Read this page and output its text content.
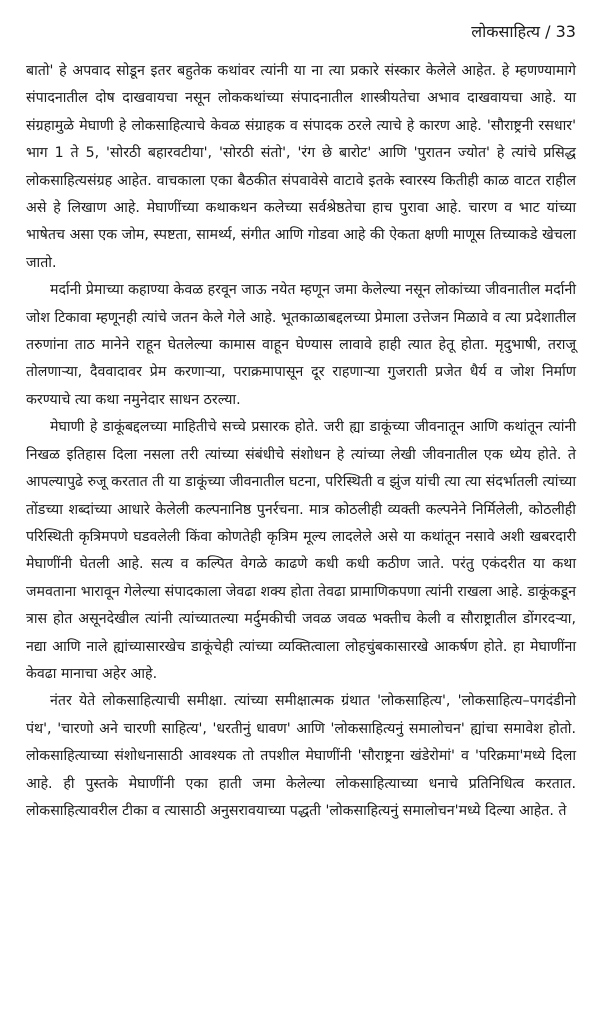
लोकसाहित्य / 33

बातो' हे अपवाद सोडून इतर बहुतेक कथांवर त्यांनी या ना त्या प्रकारे संस्कार केलेले आहेत. हे म्हणण्यामागे संपादनातील दोष दाखवायचा नसून लोककथांच्या संपादनातील शास्त्रीयतेचा अभाव दाखवायचा आहे. या संग्रहामुळे मेघाणी हे लोकसाहित्याचे केवळ संग्राहक व संपादक ठरले त्याचे हे कारण आहे. 'सौराष्ट्रनी रसधार' भाग 1 ते 5, 'सोरठी बहारवटीया', 'सोरठी संतो', 'रंग छे बारोट' आणि 'पुरातन ज्योत' हे त्यांचे प्रसिद्ध लोकसाहित्यसंग्रह आहेत. वाचकाला एका बैठकीत संपवावेसे वाटावे इतके स्वारस्य कितीही काळ वाटत राहील असे हे लिखाण आहे. मेघाणींच्या कथाकथन कलेच्या सर्वश्रेष्ठतेचा हाच पुरावा आहे. चारण व भाट यांच्या भाषेतच असा एक जोम, स्पष्टता, सामर्थ्य, संगीत आणि गोडवा आहे की ऐकता क्षणी माणूस तिच्याकडे खेचला जातो.

मर्दानी प्रेमाच्या कहाण्या केवळ हरवून जाऊ नयेत म्हणून जमा केलेल्या नसून लोकांच्या जीवनातील मर्दानी जोश टिकावा म्हणूनही त्यांचे जतन केले गेले आहे. भूतकाळाबद्दलच्या प्रेमाला उत्तेजन मिळावे व त्या प्रदेशातील तरुणांना ताठ मानेने राहून घेतलेल्या कामास वाहून घेण्यास लावावे हाही त्यात हेतू होता. मृदुभाषी, तराजू तोलणाऱ्या, दैववादावर प्रेम करणाऱ्या, पराक्रमापासून दूर राहणाऱ्या गुजराती प्रजेत धैर्य व जोश निर्माण करण्याचे त्या कथा नमुनेदार साधन ठरल्या.

मेघाणी हे डाकूंबद्दलच्या माहितीचे सच्चे प्रसारक होते. जरी ह्या डाकूंच्या जीवनातून आणि कथांतून त्यांनी निखळ इतिहास दिला नसला तरी त्यांच्या संबंधीचे संशोधन हे त्यांच्या लेखी जीवनातील एक ध्येय होते. ते आपल्यापुढे रुजू करतात ती या डाकूंच्या जीवनातील घटना, परिस्थिती व झुंज यांची त्या त्या संदर्भातली त्यांच्या तोंडच्या शब्दांच्या आधारे केलेली कल्पनानिष्ठ पुनर्रचना. मात्र कोठलीही व्यक्ती कल्पनेने निर्मिलेली, कोठलीही परिस्थिती कृत्रिमपणे घडवलेली किंवा कोणतेही कृत्रिम मूल्य लादलेले असे या कथांतून नसावे अशी खबरदारी मेघाणींनी घेतली आहे. सत्य व कल्पित वेगळे काढणे कधी कधी कठीण जाते. परंतु एकंदरीत या कथा जमवताना भारावून गेलेल्या संपादकाला जेवढा शक्य होता तेवढा प्रामाणिकपणा त्यांनी राखला आहे. डाकूंकडून त्रास होत असूनदेखील त्यांनी त्यांच्यातल्या मर्दुमकीची जवळ जवळ भक्तीच केली व सौराष्ट्रातील डोंगरदऱ्या, नद्या आणि नाले ह्यांच्यासारखेच डाकूंचेही त्यांच्या व्यक्तित्वाला लोहचुंबकासारखे आकर्षण होते. हा मेघाणींना केवढा मानाचा अहेर आहे.

नंतर येते लोकसाहित्याची समीक्षा. त्यांच्या समीक्षात्मक ग्रंथात 'लोकसाहित्य', 'लोकसाहित्य–पगदंडीनो पंथ', 'चारणो अने चारणी साहित्य', 'धरतीनुं धावण' आणि 'लोकसाहित्यनुं समालोचन' ह्यांचा समावेश होतो. लोकसाहित्याच्या संशोधनासाठी आवश्यक तो तपशील मेघाणींनी 'सौराष्ट्रना खंडेरोमां' व 'परिक्रमा'मध्ये दिला आहे. ही पुस्तके मेघाणींनी एका हाती जमा केलेल्या लोकसाहित्याच्या धनाचे प्रतिनिधित्व करतात. लोकसाहित्यावरील टीका व त्यासाठी अनुसरावयाच्या पद्धती 'लोकसाहित्यनुं समालोचन'मध्ये दिल्या आहेत. ते
